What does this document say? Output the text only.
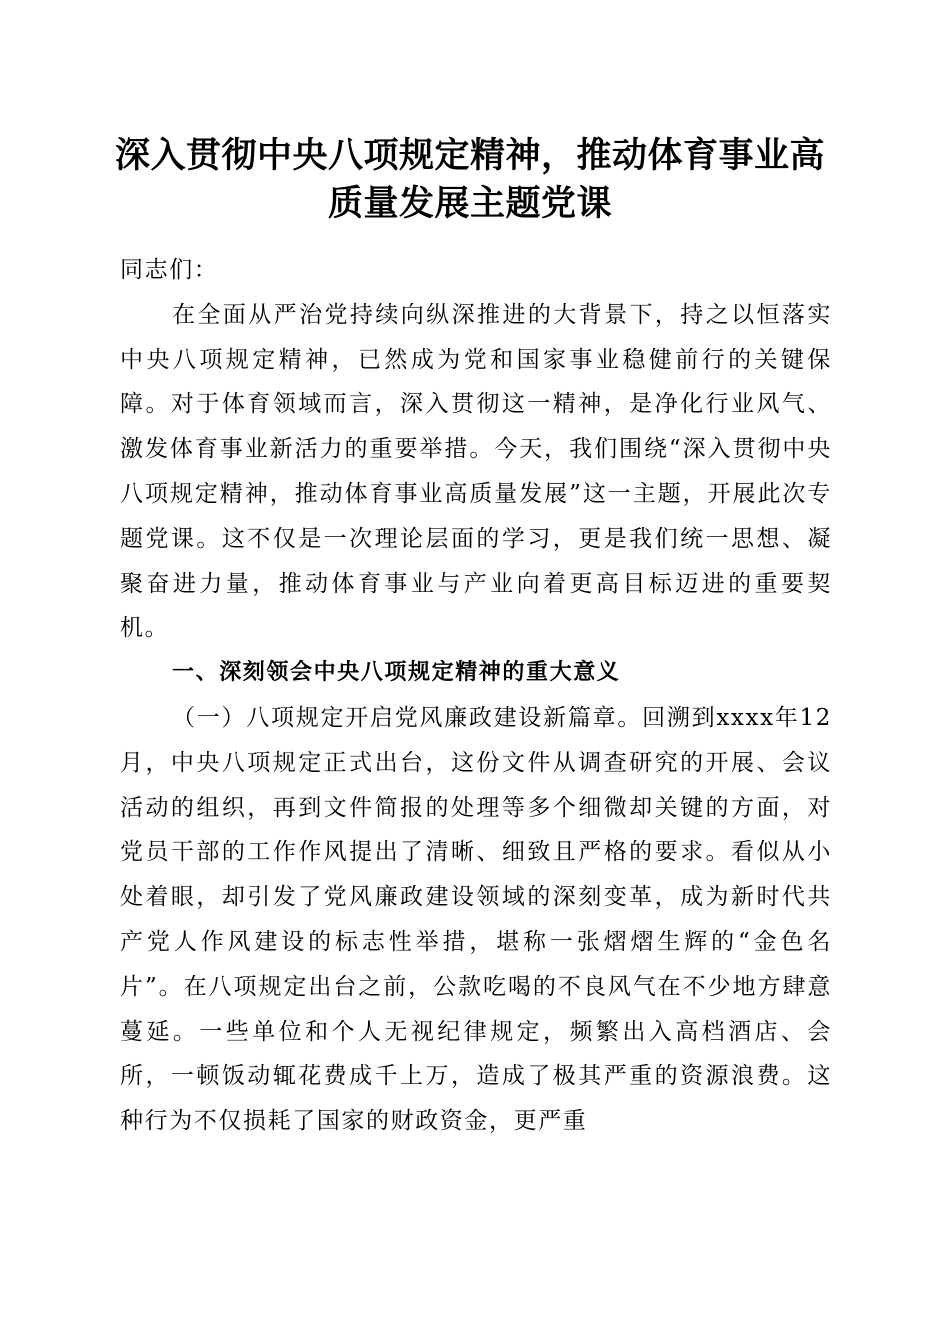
深入贯彻中央八项规定精神，推动体育事业高
质量发展主题党课

同志们：

在全面从严治党持续向纵深推进的大背景下，持之以恒落实中央八项规定精神，已然成为党和国家事业稳健前行的关键保障。对于体育领域而言，深入贯彻这一精神，是净化行业风气、激发体育事业新活力的重要举措。今天，我们围绕“深入贯彻中央八项规定精神，推动体育事业高质量发展”这一主题，开展此次专题党课。这不仅是一次理论层面的学习，更是我们统一思想、凝聚奋进力量，推动体育事业与产业向着更高目标迈进的重要契机。

一、深刻领会中央八项规定精神的重大意义

（一）八项规定开启党风廉政建设新篇章。回溯到xxxx年12月，中央八项规定正式出台，这份文件从调查研究的开展、会议活动的组织，再到文件简报的处理等多个细微却关键的方面，对党员干部的工作作风提出了清晰、细致且严格的要求。看似从小处着眼，却引发了党风廉政建设领域的深刻变革，成为新时代共产党人作风建设的标志性举措，堪称一张熠熠生辉的“金色名片”。在八项规定出台之前，公款吃喝的不良风气在不少地方肆意蔓延。一些单位和个人无视纪律规定，频繁出入高档酒店、会所，一顿饭动辄花费成千上万，造成了极其严重的资源浪费。这种行为不仅损耗了国家的财政资金，更严重
